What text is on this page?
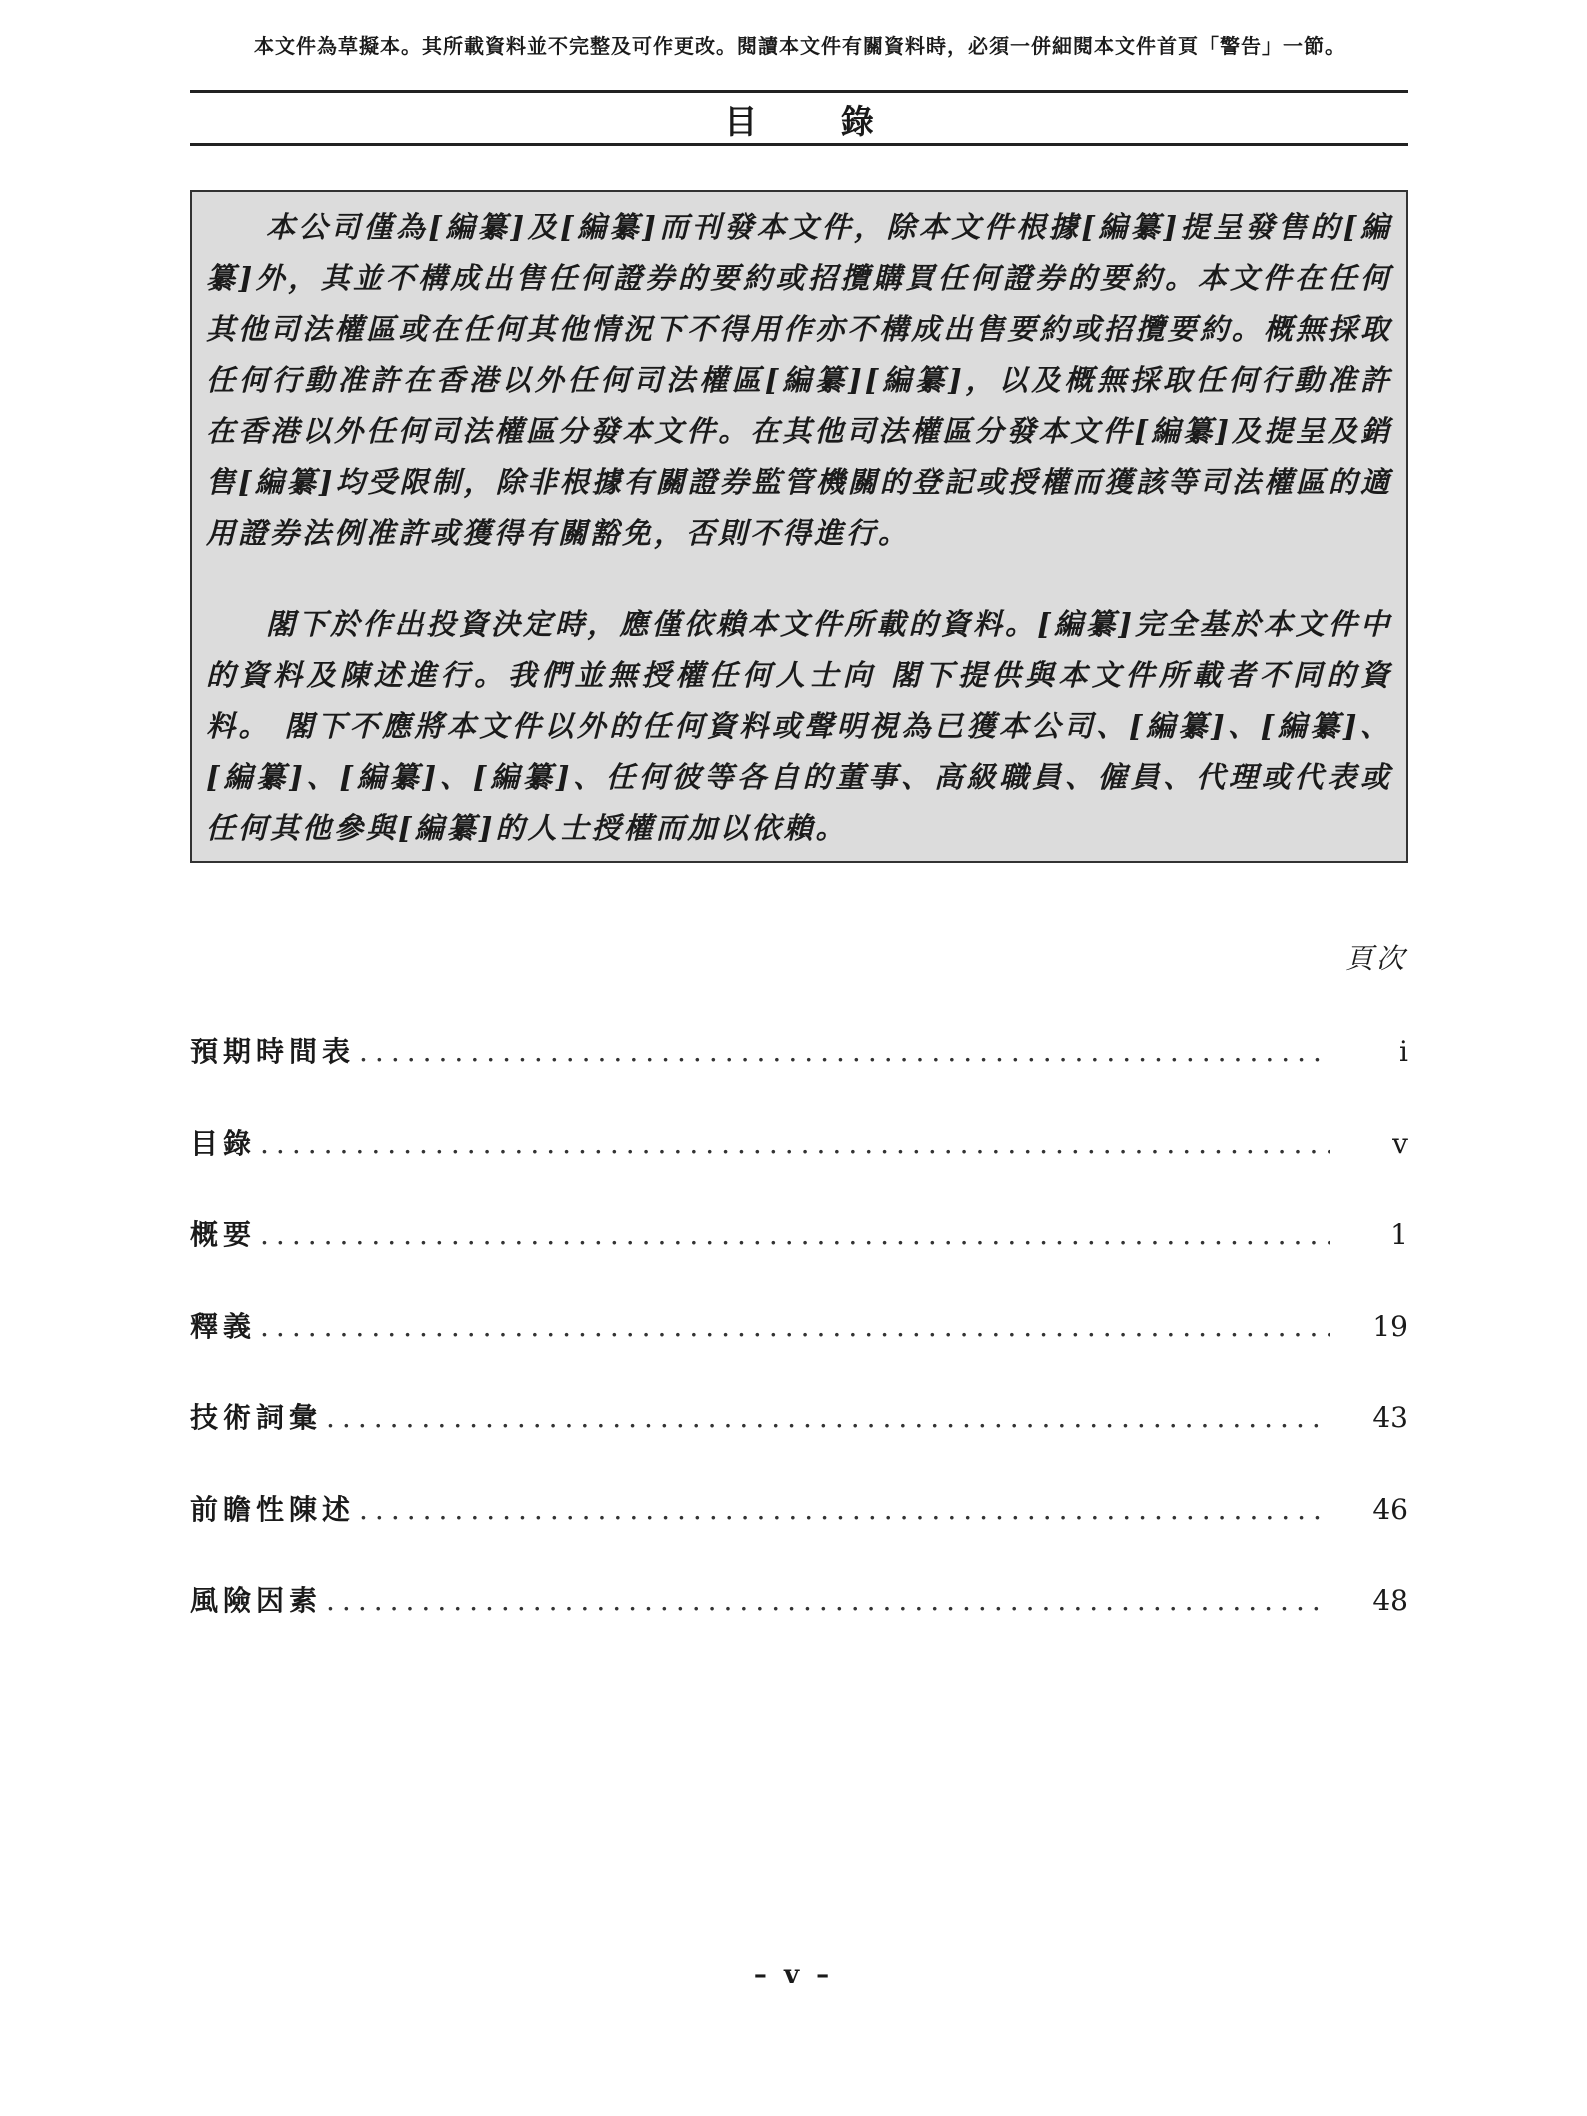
本文件為草擬本。其所載資料並不完整及可作更改。閱讀本文件有關資料時，必須一併細閱本文件首頁「警告」一節。
目 錄

本公司僅為[編纂]及[編纂]而刊發本文件，除本文件根據[編纂]提呈發售的[編纂]外，其並不構成出售任何證券的要約或招攬購買任何證券的要約。本文件在任何其他司法權區或在任何其他情況下不得用作亦不構成出售要約或招攬要約。概無採取任何行動准許在香港以外任何司法權區[編纂][編纂]，以及概無採取任何行動准許在香港以外任何司法權區分發本文件。在其他司法權區分發本文件[編纂]及提呈及銷售[編纂]均受限制，除非根據有關證券監管機關的登記或授權而獲該等司法權區的適用證券法例准許或獲得有關豁免，否則不得進行。

閣下於作出投資決定時，應僅依賴本文件所載的資料。[編纂]完全基於本文件中的資料及陳述進行。我們並無授權任何人士向 閣下提供與本文件所載者不同的資料。 閣下不應將本文件以外的任何資料或聲明視為已獲本公司、[編纂]、[編纂]、[編纂]、[編纂]、[編纂]、任何彼等各自的董事、高級職員、僱員、代理或代表或任何其他參與[編纂]的人士授權而加以依賴。

頁次
預期時間表 .....	i
目錄 .....	v
概要 .....	1
釋義 .....	19
技術詞彙 .....	43
前瞻性陳述 .....	46
風險因素 .....	48
– v –
